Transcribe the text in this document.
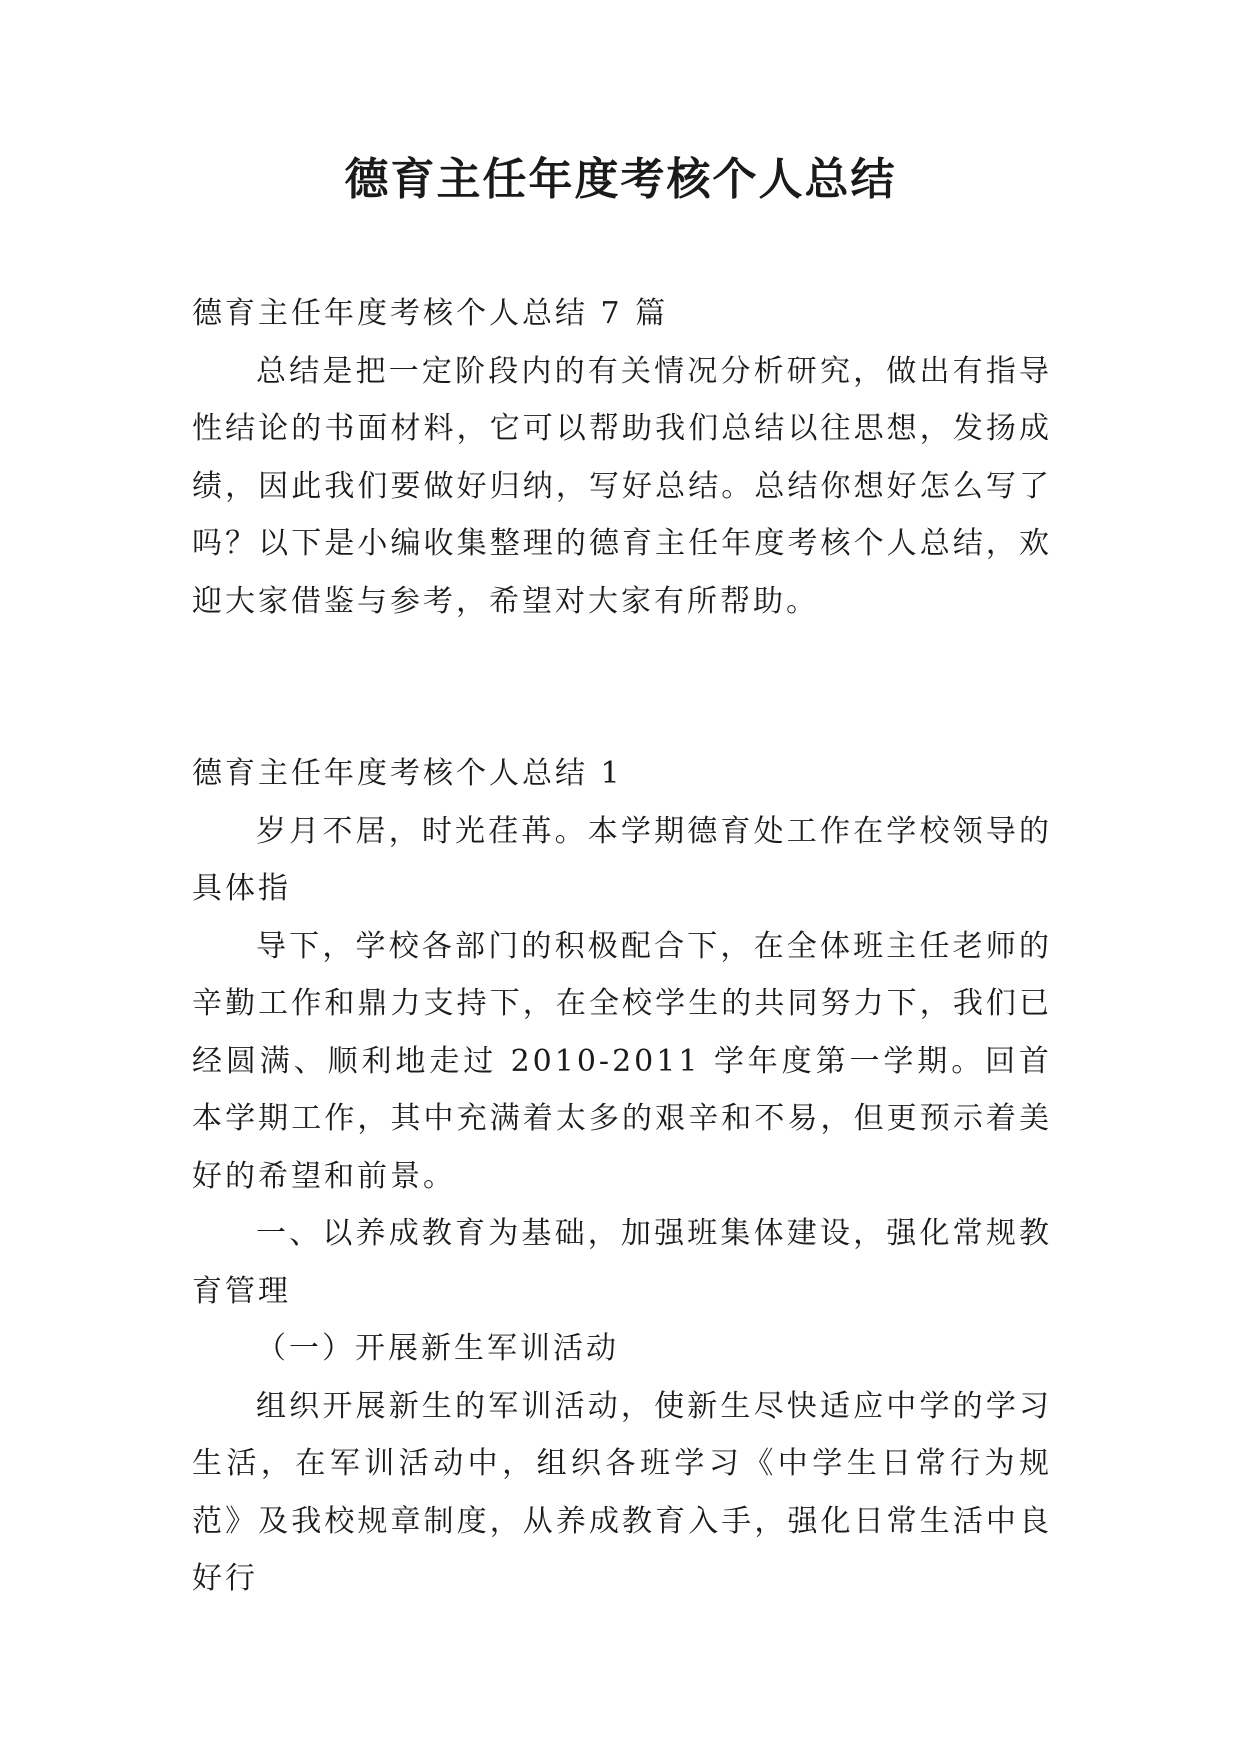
德育主任年度考核个人总结

德育主任年度考核个人总结 7 篇

总结是把一定阶段内的有关情况分析研究，做出有指导性结论的书面材料，它可以帮助我们总结以往思想，发扬成绩，因此我们要做好归纳，写好总结。总结你想好怎么写了吗？以下是小编收集整理的德育主任年度考核个人总结，欢迎大家借鉴与参考，希望对大家有所帮助。

德育主任年度考核个人总结 1

岁月不居，时光荏苒。本学期德育处工作在学校领导的具体指

导下，学校各部门的积极配合下，在全体班主任老师的辛勤工作和鼎力支持下，在全校学生的共同努力下，我们已经圆满、顺利地走过 2010-2011 学年度第一学期。回首本学期工作，其中充满着太多的艰辛和不易，但更预示着美好的希望和前景。

一、以养成教育为基础，加强班集体建设，强化常规教育管理

（一）开展新生军训活动

组织开展新生的军训活动，使新生尽快适应中学的学习生活，在军训活动中，组织各班学习《中学生日常行为规范》及我校规章制度，从养成教育入手，强化日常生活中良好行
